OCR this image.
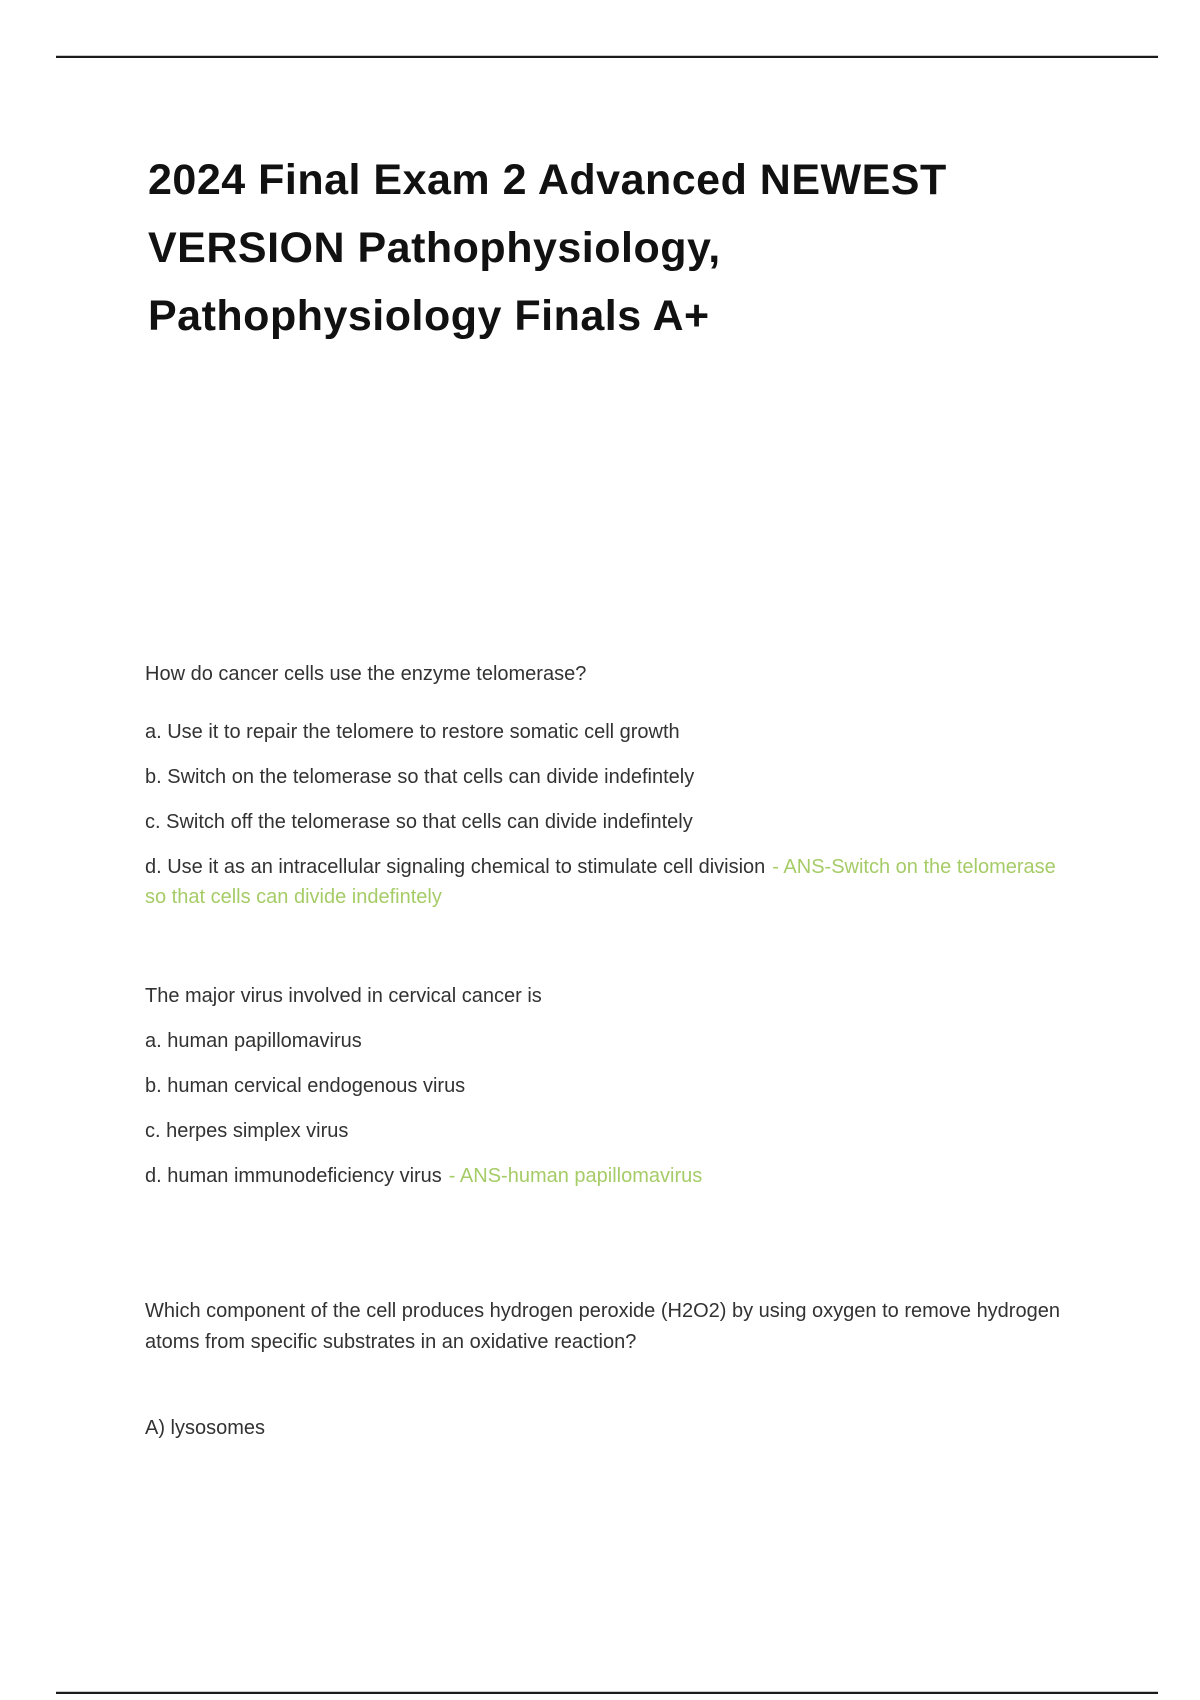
2024 Final Exam 2 Advanced NEWEST
VERSION Pathophysiology,
Pathophysiology Finals A+
How do cancer cells use the enzyme telomerase?
a. Use it to repair the telomere to restore somatic cell growth
b. Switch on the telomerase so that cells can divide indefintely
c. Switch off the telomerase so that cells can divide indefintely
d. Use it as an intracellular signaling chemical to stimulate cell division - ANS-Switch on the telomerase
so that cells can divide indefintely
The major virus involved in cervical cancer is
a. human papillomavirus
b. human cervical endogenous virus
c. herpes simplex virus
d. human immunodeficiency virus - ANS-human papillomavirus
Which component of the cell produces hydrogen peroxide (H2O2) by using oxygen to remove hydrogen
atoms from specific substrates in an oxidative reaction?
A) lysosomes
